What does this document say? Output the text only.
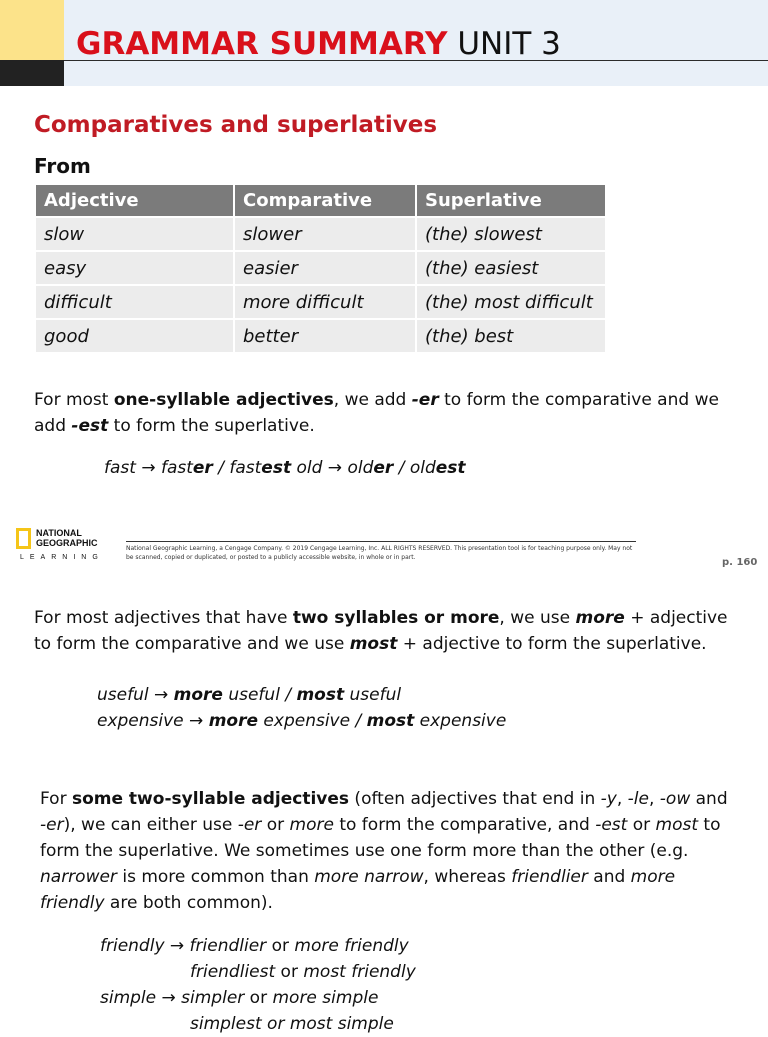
GRAMMAR SUMMARY UNIT 3
Comparatives and superlatives
From
Adjective	Comparative	Superlative
slow	slower	(the) slowest
easy	easier	(the) easiest
difficult	more difficult	(the) most difficult
good	better	(the) best
For most one-syllable adjectives, we add -er to form the comparative and we add -est to form the superlative.
fast → faster / fastest old → older / oldest
NATIONAL
GEOGRAPHIC
LEARNING
National Geographic Learning, a Cengage Company. © 2019 Cengage Learning, Inc. ALL RIGHTS RESERVED. This presentation tool is for teaching purpose only. May not be scanned, copied or duplicated, or posted to a publicly accessible website, in whole or in part.	p. 160
For most adjectives that have two syllables or more, we use more + adjective to form the comparative and we use most + adjective to form the superlative.
useful → more useful / most useful
expensive → more expensive / most expensive
For some two-syllable adjectives (often adjectives that end in -y, -le, -ow and -er), we can either use -er or more to form the comparative, and -est or most to form the superlative. We sometimes use one form more than the other (e.g. narrower is more common than more narrow, whereas friendlier and more friendly are both common).
friendly → friendlier or more friendly
friendliest or most friendly
simple → simpler or more simple
simplest or most simple
